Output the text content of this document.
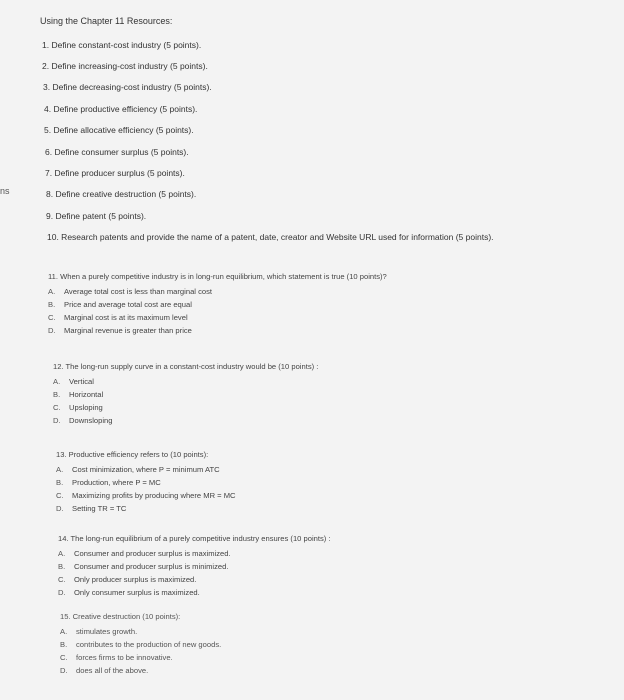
ns
Using the Chapter 11 Resources:
1. Define constant-cost industry (5 points).
2. Define increasing-cost industry (5 points).
3. Define decreasing-cost industry (5 points).
4. Define productive efficiency (5 points).
5. Define allocative efficiency (5 points).
6. Define consumer surplus (5 points).
7. Define producer surplus (5 points).
8. Define creative destruction (5 points).
9. Define patent (5 points).
10. Research patents and provide the name of a patent, date, creator and Website URL used for information (5 points).
11. When a purely competitive industry is in long-run equilibrium, which statement is true (10 points)?
A.	Average total cost is less than marginal cost
B.	Price and average total cost are equal
C.	Marginal cost is at its maximum level
D.	Marginal revenue is greater than price
12. The long-run supply curve in a constant-cost industry would be (10 points) :
A.	Vertical
B.	Horizontal
C.	Upsloping
D.	Downsloping
13. Productive efficiency refers to (10 points):
A.	Cost minimization, where P = minimum ATC
B.	Production, where P = MC
C.	Maximizing profits by producing where MR = MC
D.	Setting TR = TC
14. The long-run equilibrium of a purely competitive industry ensures (10 points) :
A.	Consumer and producer surplus is maximized.
B.	Consumer and producer surplus is minimized.
C.	Only producer surplus is maximized.
D.	Only consumer surplus is maximized.
15. Creative destruction (10 points):
A.	stimulates growth.
B.	contributes to the production of new goods.
C.	forces firms to be innovative.
D.	does all of the above.
